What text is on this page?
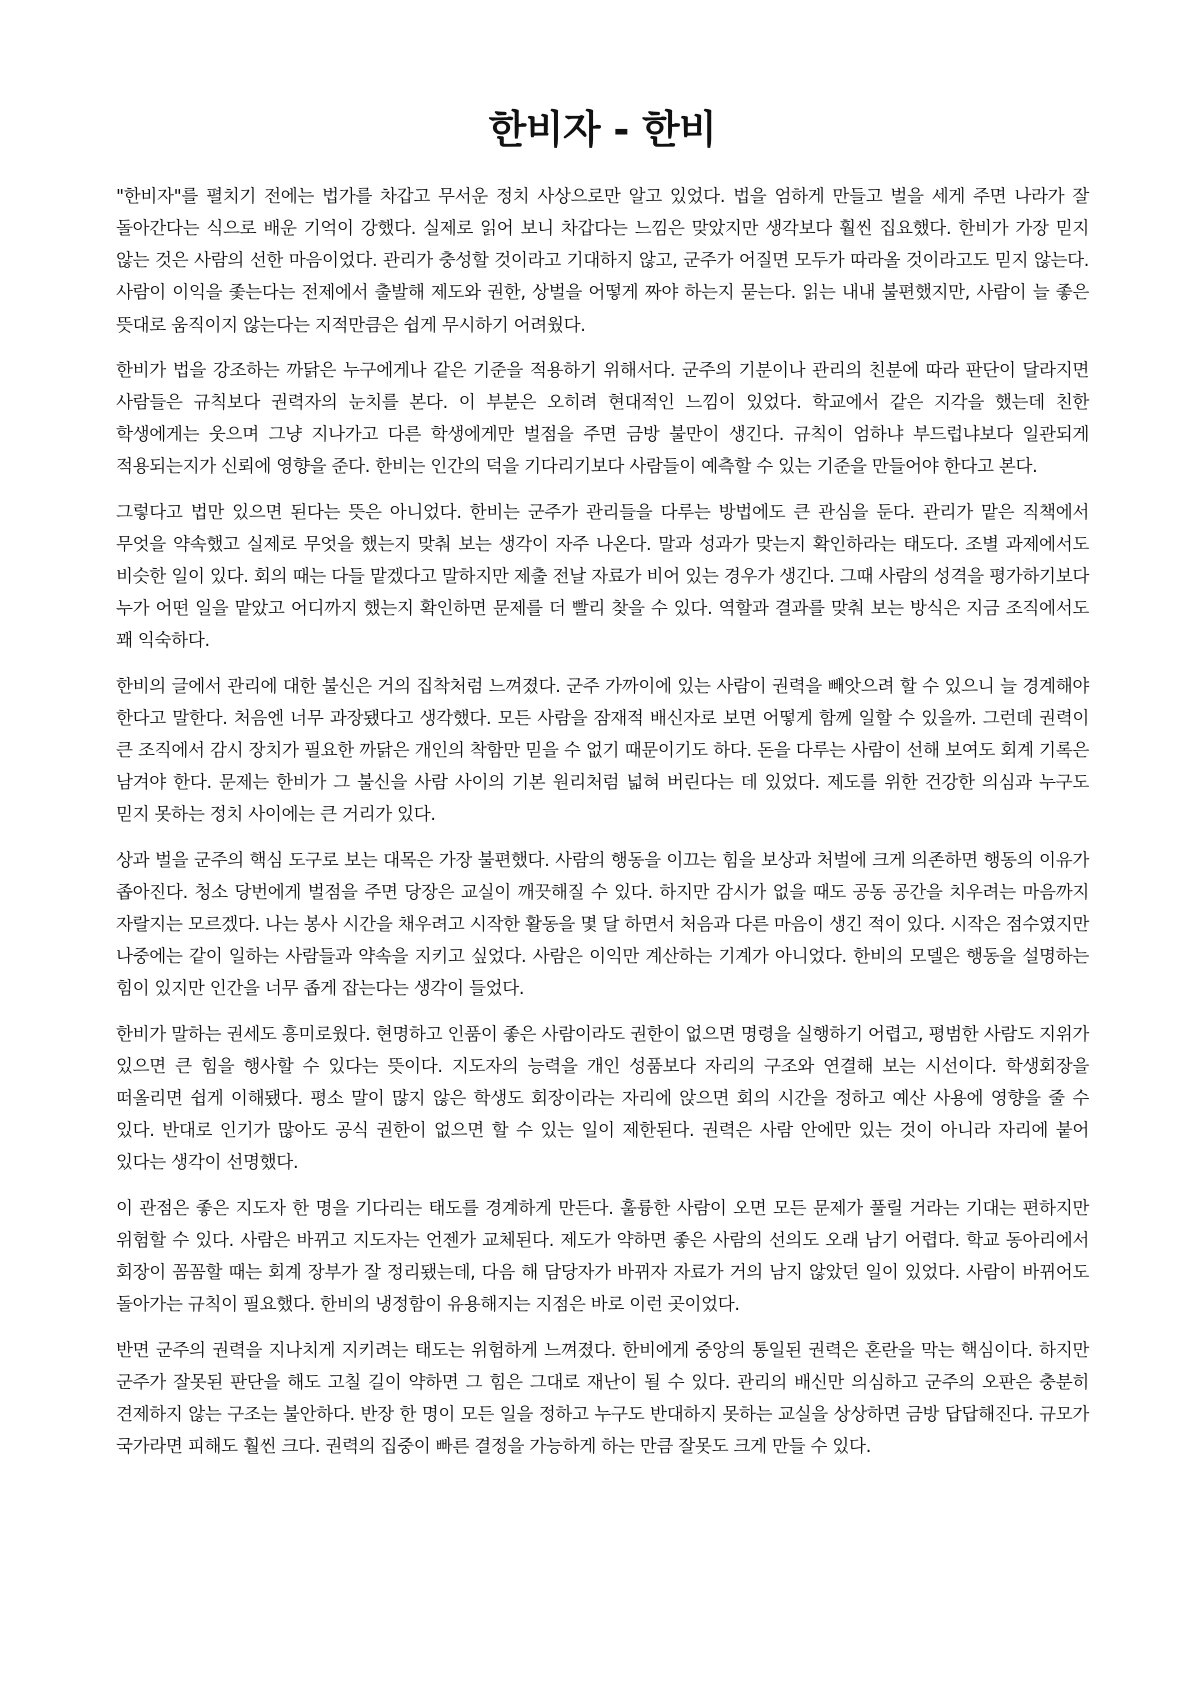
한비자 - 한비

"한비자"를 펼치기 전에는 법가를 차갑고 무서운 정치 사상으로만 알고 있었다. 법을 엄하게 만들고 벌을 세게 주면 나라가 잘 돌아간다는 식으로 배운 기억이 강했다. 실제로 읽어 보니 차갑다는 느낌은 맞았지만 생각보다 훨씬 집요했다. 한비가 가장 믿지 않는 것은 사람의 선한 마음이었다. 관리가 충성할 것이라고 기대하지 않고, 군주가 어질면 모두가 따라올 것이라고도 믿지 않는다. 사람이 이익을 좇는다는 전제에서 출발해 제도와 권한, 상벌을 어떻게 짜야 하는지 묻는다. 읽는 내내 불편했지만, 사람이 늘 좋은 뜻대로 움직이지 않는다는 지적만큼은 쉽게 무시하기 어려웠다.

한비가 법을 강조하는 까닭은 누구에게나 같은 기준을 적용하기 위해서다. 군주의 기분이나 관리의 친분에 따라 판단이 달라지면 사람들은 규칙보다 권력자의 눈치를 본다. 이 부분은 오히려 현대적인 느낌이 있었다. 학교에서 같은 지각을 했는데 친한 학생에게는 웃으며 그냥 지나가고 다른 학생에게만 벌점을 주면 금방 불만이 생긴다. 규칙이 엄하냐 부드럽냐보다 일관되게 적용되는지가 신뢰에 영향을 준다. 한비는 인간의 덕을 기다리기보다 사람들이 예측할 수 있는 기준을 만들어야 한다고 본다.

그렇다고 법만 있으면 된다는 뜻은 아니었다. 한비는 군주가 관리들을 다루는 방법에도 큰 관심을 둔다. 관리가 맡은 직책에서 무엇을 약속했고 실제로 무엇을 했는지 맞춰 보는 생각이 자주 나온다. 말과 성과가 맞는지 확인하라는 태도다. 조별 과제에서도 비슷한 일이 있다. 회의 때는 다들 맡겠다고 말하지만 제출 전날 자료가 비어 있는 경우가 생긴다. 그때 사람의 성격을 평가하기보다 누가 어떤 일을 맡았고 어디까지 했는지 확인하면 문제를 더 빨리 찾을 수 있다. 역할과 결과를 맞춰 보는 방식은 지금 조직에서도 꽤 익숙하다.

한비의 글에서 관리에 대한 불신은 거의 집착처럼 느껴졌다. 군주 가까이에 있는 사람이 권력을 빼앗으려 할 수 있으니 늘 경계해야 한다고 말한다. 처음엔 너무 과장됐다고 생각했다. 모든 사람을 잠재적 배신자로 보면 어떻게 함께 일할 수 있을까. 그런데 권력이 큰 조직에서 감시 장치가 필요한 까닭은 개인의 착함만 믿을 수 없기 때문이기도 하다. 돈을 다루는 사람이 선해 보여도 회계 기록은 남겨야 한다. 문제는 한비가 그 불신을 사람 사이의 기본 원리처럼 넓혀 버린다는 데 있었다. 제도를 위한 건강한 의심과 누구도 믿지 못하는 정치 사이에는 큰 거리가 있다.

상과 벌을 군주의 핵심 도구로 보는 대목은 가장 불편했다. 사람의 행동을 이끄는 힘을 보상과 처벌에 크게 의존하면 행동의 이유가 좁아진다. 청소 당번에게 벌점을 주면 당장은 교실이 깨끗해질 수 있다. 하지만 감시가 없을 때도 공동 공간을 치우려는 마음까지 자랄지는 모르겠다. 나는 봉사 시간을 채우려고 시작한 활동을 몇 달 하면서 처음과 다른 마음이 생긴 적이 있다. 시작은 점수였지만 나중에는 같이 일하는 사람들과 약속을 지키고 싶었다. 사람은 이익만 계산하는 기계가 아니었다. 한비의 모델은 행동을 설명하는 힘이 있지만 인간을 너무 좁게 잡는다는 생각이 들었다.

한비가 말하는 권세도 흥미로웠다. 현명하고 인품이 좋은 사람이라도 권한이 없으면 명령을 실행하기 어렵고, 평범한 사람도 지위가 있으면 큰 힘을 행사할 수 있다는 뜻이다. 지도자의 능력을 개인 성품보다 자리의 구조와 연결해 보는 시선이다. 학생회장을 떠올리면 쉽게 이해됐다. 평소 말이 많지 않은 학생도 회장이라는 자리에 앉으면 회의 시간을 정하고 예산 사용에 영향을 줄 수 있다. 반대로 인기가 많아도 공식 권한이 없으면 할 수 있는 일이 제한된다. 권력은 사람 안에만 있는 것이 아니라 자리에 붙어 있다는 생각이 선명했다.

이 관점은 좋은 지도자 한 명을 기다리는 태도를 경계하게 만든다. 훌륭한 사람이 오면 모든 문제가 풀릴 거라는 기대는 편하지만 위험할 수 있다. 사람은 바뀌고 지도자는 언젠가 교체된다. 제도가 약하면 좋은 사람의 선의도 오래 남기 어렵다. 학교 동아리에서 회장이 꼼꼼할 때는 회계 장부가 잘 정리됐는데, 다음 해 담당자가 바뀌자 자료가 거의 남지 않았던 일이 있었다. 사람이 바뀌어도 돌아가는 규칙이 필요했다. 한비의 냉정함이 유용해지는 지점은 바로 이런 곳이었다.

반면 군주의 권력을 지나치게 지키려는 태도는 위험하게 느껴졌다. 한비에게 중앙의 통일된 권력은 혼란을 막는 핵심이다. 하지만 군주가 잘못된 판단을 해도 고칠 길이 약하면 그 힘은 그대로 재난이 될 수 있다. 관리의 배신만 의심하고 군주의 오판은 충분히 견제하지 않는 구조는 불안하다. 반장 한 명이 모든 일을 정하고 누구도 반대하지 못하는 교실을 상상하면 금방 답답해진다. 규모가 국가라면 피해도 훨씬 크다. 권력의 집중이 빠른 결정을 가능하게 하는 만큼 잘못도 크게 만들 수 있다.
